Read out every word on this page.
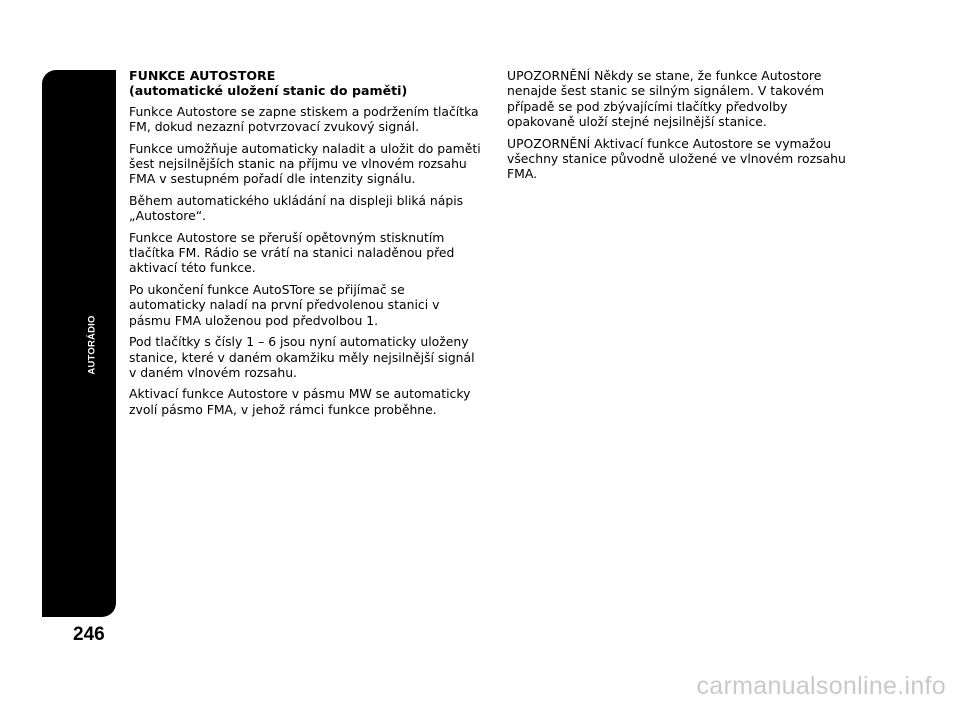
AUTORÁDIO
246
FUNKCE AUTOSTORE
(automatické uložení stanic do paměti)

Funkce Autostore se zapne stiskem a podržením tlačítka FM, dokud nezazní potvrzovací zvukový signál.

Funkce umožňuje automaticky naladit a uložit do paměti šest nejsilnějších stanic na příjmu ve vlnovém rozsahu FMA v sestupném pořadí dle intenzity signálu.

Během automatického ukládání na displeji bliká nápis „Autostore“.

Funkce Autostore se přeruší opětovným stisknutím tlačítka FM. Rádio se vrátí na stanici naladěnou před aktivací této funkce.

Po ukončení funkce AutoSTore se přijímač se automaticky naladí na první předvolenou stanici v pásmu FMA uloženou pod předvolbou 1.

Pod tlačítky s čísly 1 – 6 jsou nyní automaticky uloženy stanice, které v daném okamžiku měly nejsilnější signál v daném vlnovém rozsahu.

Aktivací funkce Autostore v pásmu MW se automaticky zvolí pásmo FMA, v jehož rámci funkce proběhne.

UPOZORNĚNÍ Někdy se stane, že funkce Autostore nenajde šest stanic se silným signálem. V takovém případě se pod zbývajícími tlačítky předvolby opakovaně uloží stejné nejsilnější stanice.

UPOZORNĚNÍ Aktivací funkce Autostore se vymažou všechny stanice původně uložené ve vlnovém rozsahu FMA.

carmanualsonline.info
